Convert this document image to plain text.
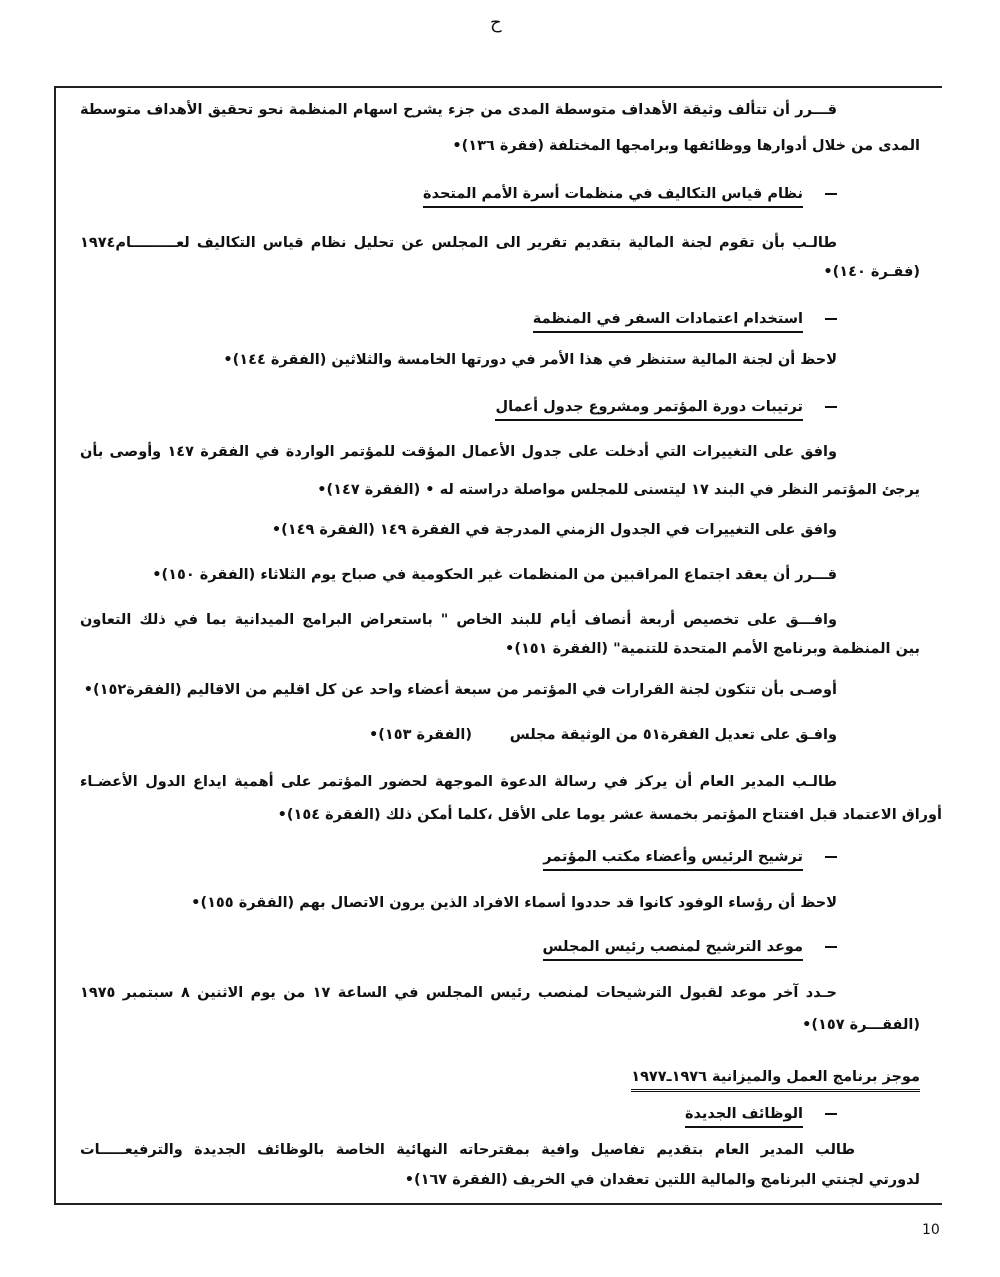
ح
قـــرر أن تتألف وثيقة الأهداف متوسطة المدى من جزء يشرح اسهام المنظمة نحو تحقيق الأهداف متوسطة
المدى من خلال أدوارها ووظائفها وبرامجها المختلفة (فقرة ١٣٦)•
نظام قياس التكاليف في منظمات أسرة الأمم المتحدة
طالـب بأن تقوم لجنة المالية بتقديم تقرير الى المجلس عن تحليل نظام قياس التكاليف لعـــــــــام١٩٧٤
(فقـرة ١٤٠)•
استخدام اعتمادات السفر في المنظمة
لاحظ أن لجنة المالية ستنظر في هذا الأمر في دورتها الخامسة والثلاثين (الفقرة ١٤٤)•
ترتيبات دورة المؤتمر ومشروع جدول أعمال
وافق على التغييرات التي أدخلت على جدول الأعمال المؤقت للمؤتمر الواردة في الفقرة ١٤٧ وأوصى بأن
يرجئ المؤتمر النظر في البند ١٧ ليتسنى للمجلس مواصلة دراسته له • (الفقرة ١٤٧)•
وافق على التغييرات في الجدول الزمني المدرجة في الفقرة ١٤٩ (الفقرة ١٤٩)•
قـــرر أن يعقد اجتماع المراقبين من المنظمات غير الحكومية في صباح يوم الثلاثاء (الفقرة ١٥٠)•
وافـــق على تخصيص أربعة أنصاف أيام للبند الخاص " باستعراض البرامج الميدانية بما في ذلك التعاون
بين المنظمة وبرنامج الأمم المتحدة للتنمية" (الفقرة ١٥١)•
أوصـى بأن تتكون لجنة القرارات في المؤتمر من سبعة أعضاء واحد عن كل اقليم من الاقاليم (الفقرة١٥٢)•
وافـق على تعديل الفقرة٥١ من الوثيقة مجلس
(الفقرة ١٥٣)•
طالـب المدير العام أن يركز في رسالة الدعوة الموجهة لحضور المؤتمر على أهمية ايداع الدول الأعضـاء
أوراق الاعتماد قبل افتتاح المؤتمر بخمسة عشر يوما على الأقل ،كلما أمكن ذلك (الفقرة ١٥٤)•
ترشيح الرئيس وأعضاء مكتب المؤتمر
لاحظ أن رؤساء الوفود كانوا قد حددوا أسماء الافراد الذين يرون الاتصال بهم (الفقرة ١٥٥)•
موعد الترشيح لمنصب رئيس المجلس
حـدد آخر موعد لقبول الترشيحات لمنصب رئيس المجلس في الساعة ١٧ من يوم الاثنين ٨ سبتمبر ١٩٧٥
(الفقـــرة ١٥٧)•
موجز برنامج العمل والميزانية ١٩٧٦ـ١٩٧٧
الوظائف الجديدة
طالب المدير العام بتقديم تفاصيل وافية بمقترحاته النهائية الخاصة بالوظائف الجديدة والترفيعـــــات
لدورتي لجنتي البرنامج والمالية اللتين تعقدان في الخريف (الفقرة ١٦٧)•
10
